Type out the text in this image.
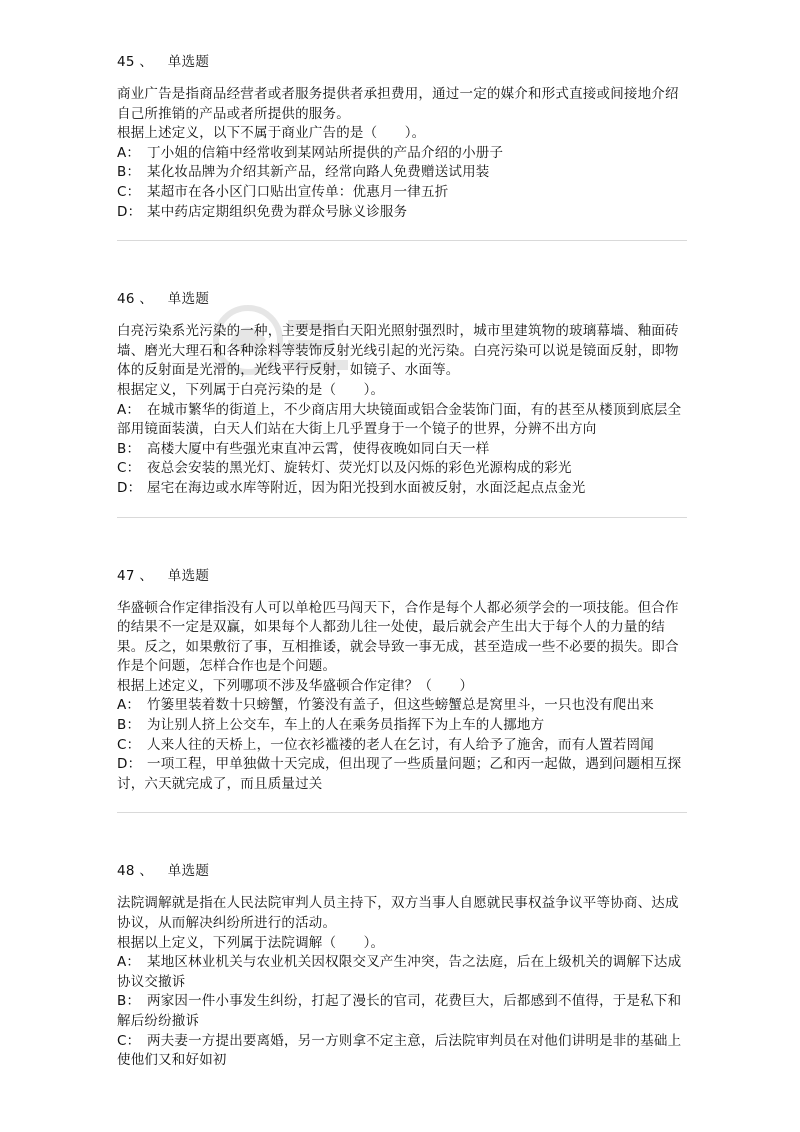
45 、 单选题

商业广告是指商品经营者或者服务提供者承担费用，通过一定的媒介和形式直接或间接地介绍自己所推销的产品或者所提供的服务。

根据上述定义，以下不属于商业广告的是（　　）。

A： 丁小姐的信箱中经常收到某网站所提供的产品介绍的小册子

B： 某化妆品牌为介绍其新产品，经常向路人免费赠送试用装

C： 某超市在各小区门口贴出宣传单：优惠月一律五折

D： 某中药店定期组织免费为群众号脉义诊服务

46 、 单选题

白亮污染系光污染的一种，主要是指白天阳光照射强烈时，城市里建筑物的玻璃幕墙、釉面砖墙、磨光大理石和各种涂料等装饰反射光线引起的光污染。白亮污染可以说是镜面反射，即物体的反射面是光滑的，光线平行反射，如镜子、水面等。

根据定义，下列属于白亮污染的是（　　）。

A： 在城市繁华的街道上，不少商店用大块镜面或铝合金装饰门面，有的甚至从楼顶到底层全部用镜面装潢，白天人们站在大街上几乎置身于一个镜子的世界，分辨不出方向

B： 高楼大厦中有些强光束直冲云霄，使得夜晚如同白天一样

C： 夜总会安装的黑光灯、旋转灯、荧光灯以及闪烁的彩色光源构成的彩光

D： 屋宅在海边或水库等附近，因为阳光投到水面被反射，水面泛起点点金光

47 、 单选题

华盛顿合作定律指没有人可以单枪匹马闯天下，合作是每个人都必须学会的一项技能。但合作的结果不一定是双赢，如果每个人都劲儿往一处使，最后就会产生出大于每个人的力量的结果。反之，如果敷衍了事，互相推诿，就会导致一事无成，甚至造成一些不必要的损失。即合作是个问题，怎样合作也是个问题。

根据上述定义，下列哪项不涉及华盛顿合作定律？（　　）

A： 竹篓里装着数十只螃蟹，竹篓没有盖子，但这些螃蟹总是窝里斗，一只也没有爬出来

B： 为让别人挤上公交车，车上的人在乘务员指挥下为上车的人挪地方

C： 人来人往的天桥上，一位衣衫褴褛的老人在乞讨，有人给予了施舍，而有人置若罔闻

D： 一项工程，甲单独做十天完成，但出现了一些质量问题；乙和丙一起做，遇到问题相互探讨，六天就完成了，而且质量过关

48 、 单选题

法院调解就是指在人民法院审判人员主持下，双方当事人自愿就民事权益争议平等协商、达成协议，从而解决纠纷所进行的活动。

根据以上定义，下列属于法院调解（　　）。

A： 某地区林业机关与农业机关因权限交叉产生冲突，告之法庭，后在上级机关的调解下达成协议交撤诉

B： 两家因一件小事发生纠纷，打起了漫长的官司，花费巨大，后都感到不值得，于是私下和解后纷纷撤诉

C： 两夫妻一方提出要离婚，另一方则拿不定主意，后法院审判员在对他们讲明是非的基础上使他们又和好如初
